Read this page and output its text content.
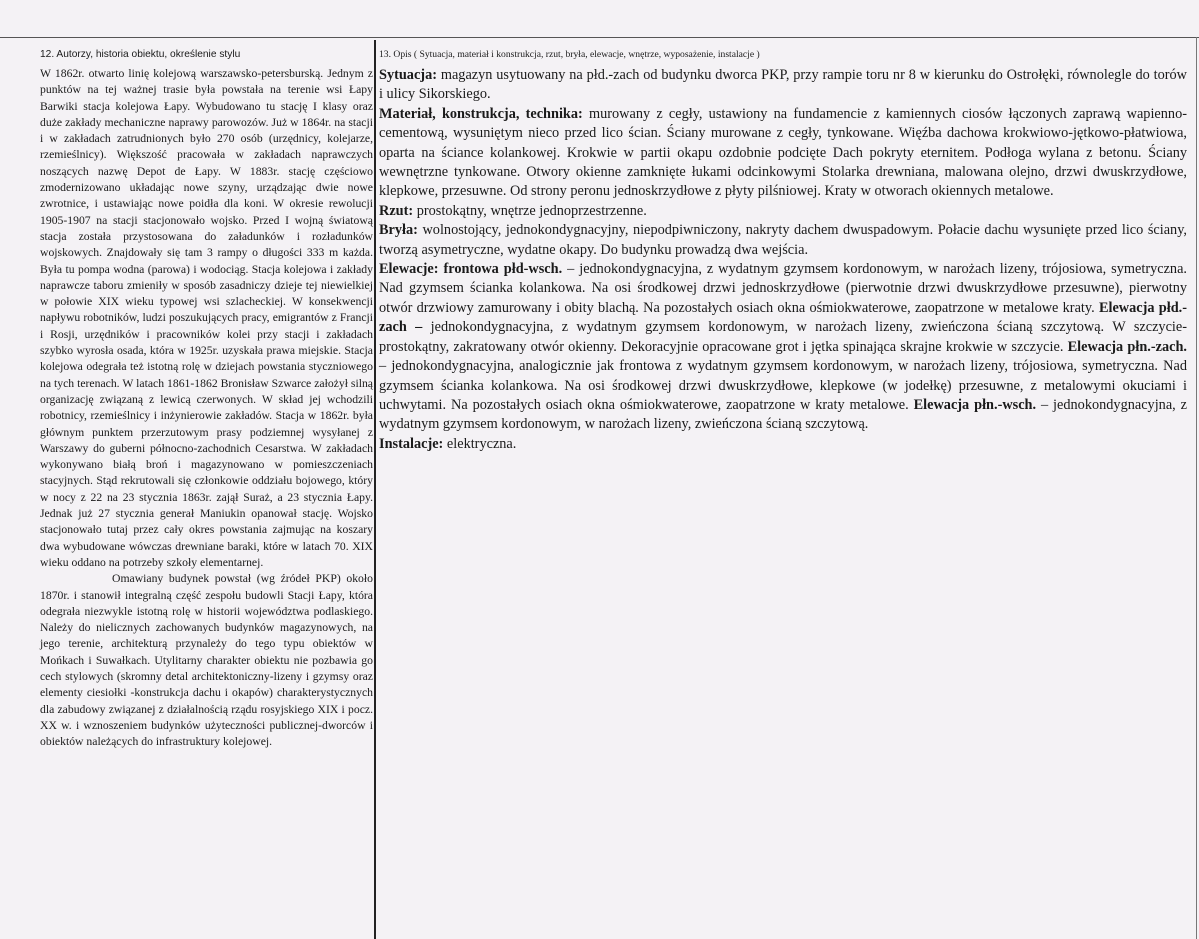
12. Autorzy, historia obiektu, określenie stylu

W 1862r. otwarto linię kolejową warszawsko-petersburską. Jednym z punktów na tej ważnej trasie była powstała na terenie wsi Łapy Barwiki stacja kolejowa Łapy. Wybudowano tu stację I klasy oraz duże zakłady mechaniczne naprawy parowozów. Już w 1864r. na stacji i w zakładach zatrudnionych było 270 osób (urzędnicy, kolejarze, rzemieślnicy). Większość pracowała w zakładach naprawczych noszących nazwę Depot de Łapy. W 1883r. stację częściowo zmodernizowano układając nowe szyny, urządzając dwie nowe zwrotnice, i ustawiając nowe poidła dla koni. W okresie rewolucji 1905-1907 na stacji stacjonowało wojsko. Przed I wojną światową stacja została przystosowana do załadunków i rozładunków wojskowych. Znajdowały się tam 3 rampy o długości 333 m każda. Była tu pompa wodna (parowa) i wodociąg. Stacja kolejowa i zakłady naprawcze taboru zmieniły w sposób zasadniczy dzieje tej niewielkiej w połowie XIX wieku typowej wsi szlacheckiej. W konsekwencji napływu robotników, ludzi poszukujących pracy, emigrantów z Francji i Rosji, urzędników i pracowników kolei przy stacji i zakładach szybko wyrosła osada, która w 1925r. uzyskała prawa miejskie. Stacja kolejowa odegrała też istotną rolę w dziejach powstania styczniowego na tych terenach. W latach 1861-1862 Bronisław Szwarce założył silną organizację związaną z lewicą czerwonych. W skład jej wchodzili robotnicy, rzemieślnicy i inżynierowie zakładów. Stacja w 1862r. była głównym punktem przerzutowym prasy podziemnej wysyłanej z Warszawy do guberni północno-zachodnich Cesarstwa. W zakładach wykonywano białą broń i magazynowano w pomieszczeniach stacyjnych. Stąd rekrutowali się członkowie oddziału bojowego, który w nocy z 22 na 23 stycznia 1863r. zajął Suraż, a 23 stycznia Łapy. Jednak już 27 stycznia generał Maniukin opanował stację. Wojsko stacjonowało tutaj przez cały okres powstania zajmując na koszary dwa wybudowane wówczas drewniane baraki, które w latach 70. XIX wieku oddano na potrzeby szkoły elementarnej.

Omawiany budynek powstał (wg źródeł PKP) około 1870r. i stanowił integralną część zespołu budowli Stacji Łapy, która odegrała niezwykle istotną rolę w historii województwa podlaskiego. Należy do nielicznych zachowanych budynków magazynowych, na jego terenie, architekturą przynależy do tego typu obiektów w Mońkach i Suwałkach. Utylitarny charakter obiektu nie pozbawia go cech stylowych (skromny detal architektoniczny-lizeny i gzymsy oraz elementy ciesiołki -konstrukcja dachu i okapów) charakterystycznych dla zabudowy związanej z działalnością rządu rosyjskiego XIX i pocz. XX w. i wznoszeniem budynków użyteczności publicznej-dworców i obiektów należących do infrastruktury kolejowej.

13. Opis ( Sytuacja, materiał i konstrukcja, rzut, bryła, elewacje, wnętrze, wyposażenie, instalacje )

Sytuacja: magazyn usytuowany na płd.-zach od budynku dworca PKP, przy rampie toru nr 8 w kierunku do Ostrołęki, równolegle do torów i ulicy Sikorskiego.

Materiał, konstrukcja, technika: murowany z cegły, ustawiony na fundamencie z kamiennych ciosów łączonych zaprawą wapienno-cementową, wysuniętym nieco przed lico ścian. Ściany murowane z cegły, tynkowane. Więźba dachowa krokwiowo-jętkowo-płatwiowa, oparta na ściance kolankowej. Krokwie w partii okapu ozdobnie podcięte Dach pokryty eternitem. Podłoga wylana z betonu. Ściany wewnętrzne tynkowane. Otwory okienne zamknięte łukami odcinkowymi Stolarka drewniana, malowana olejno, drzwi dwuskrzydłowe, klepkowe, przesuwne. Od strony peronu jednoskrzydłowe z płyty pilśniowej. Kraty w otworach okiennych metalowe.

Rzut: prostokątny, wnętrze jednoprzestrzenne.

Bryła: wolnostojący, jednokondygnacyjny, niepodpiwniczony, nakryty dachem dwuspadowym. Połacie dachu wysunięte przed lico ściany, tworzą asymetryczne, wydatne okapy. Do budynku prowadzą dwa wejścia.

Elewacje: frontowa płd-wsch. – jednokondygnacyjna, z wydatnym gzymsem kordonowym, w narożach lizeny, trójosiowa, symetryczna. Nad gzymsem ścianka kolankowa. Na osi środkowej drzwi jednoskrzydłowe (pierwotnie drzwi dwuskrzydłowe przesuwne), pierwotny otwór drzwiowy zamurowany i obity blachą. Na pozostałych osiach okna ośmiokwaterowe, zaopatrzone w metalowe kraty. Elewacja płd.-zach – jednokondygnacyjna, z wydatnym gzymsem kordonowym, w narożach lizeny, zwieńczona ścianą szczytową. W szczycie-prostokątny, zakratowany otwór okienny. Dekoracyjnie opracowane grot i jętka spinająca skrajne krokwie w szczycie. Elewacja płn.-zach. – jednokondygnacyjna, analogicznie jak frontowa z wydatnym gzymsem kordonowym, w narożach lizeny, trójosiowa, symetryczna. Nad gzymsem ścianka kolankowa. Na osi środkowej drzwi dwuskrzydłowe, klepkowe (w jodełkę) przesuwne, z metalowymi okuciami i uchwytami. Na pozostałych osiach okna ośmiokwaterowe, zaopatrzone w kraty metalowe. Elewacja płn.-wsch. – jednokondygnacyjna, z wydatnym gzymsem kordonowym, w narożach lizeny, zwieńczona ścianą szczytową.

Instalacje: elektryczna.
